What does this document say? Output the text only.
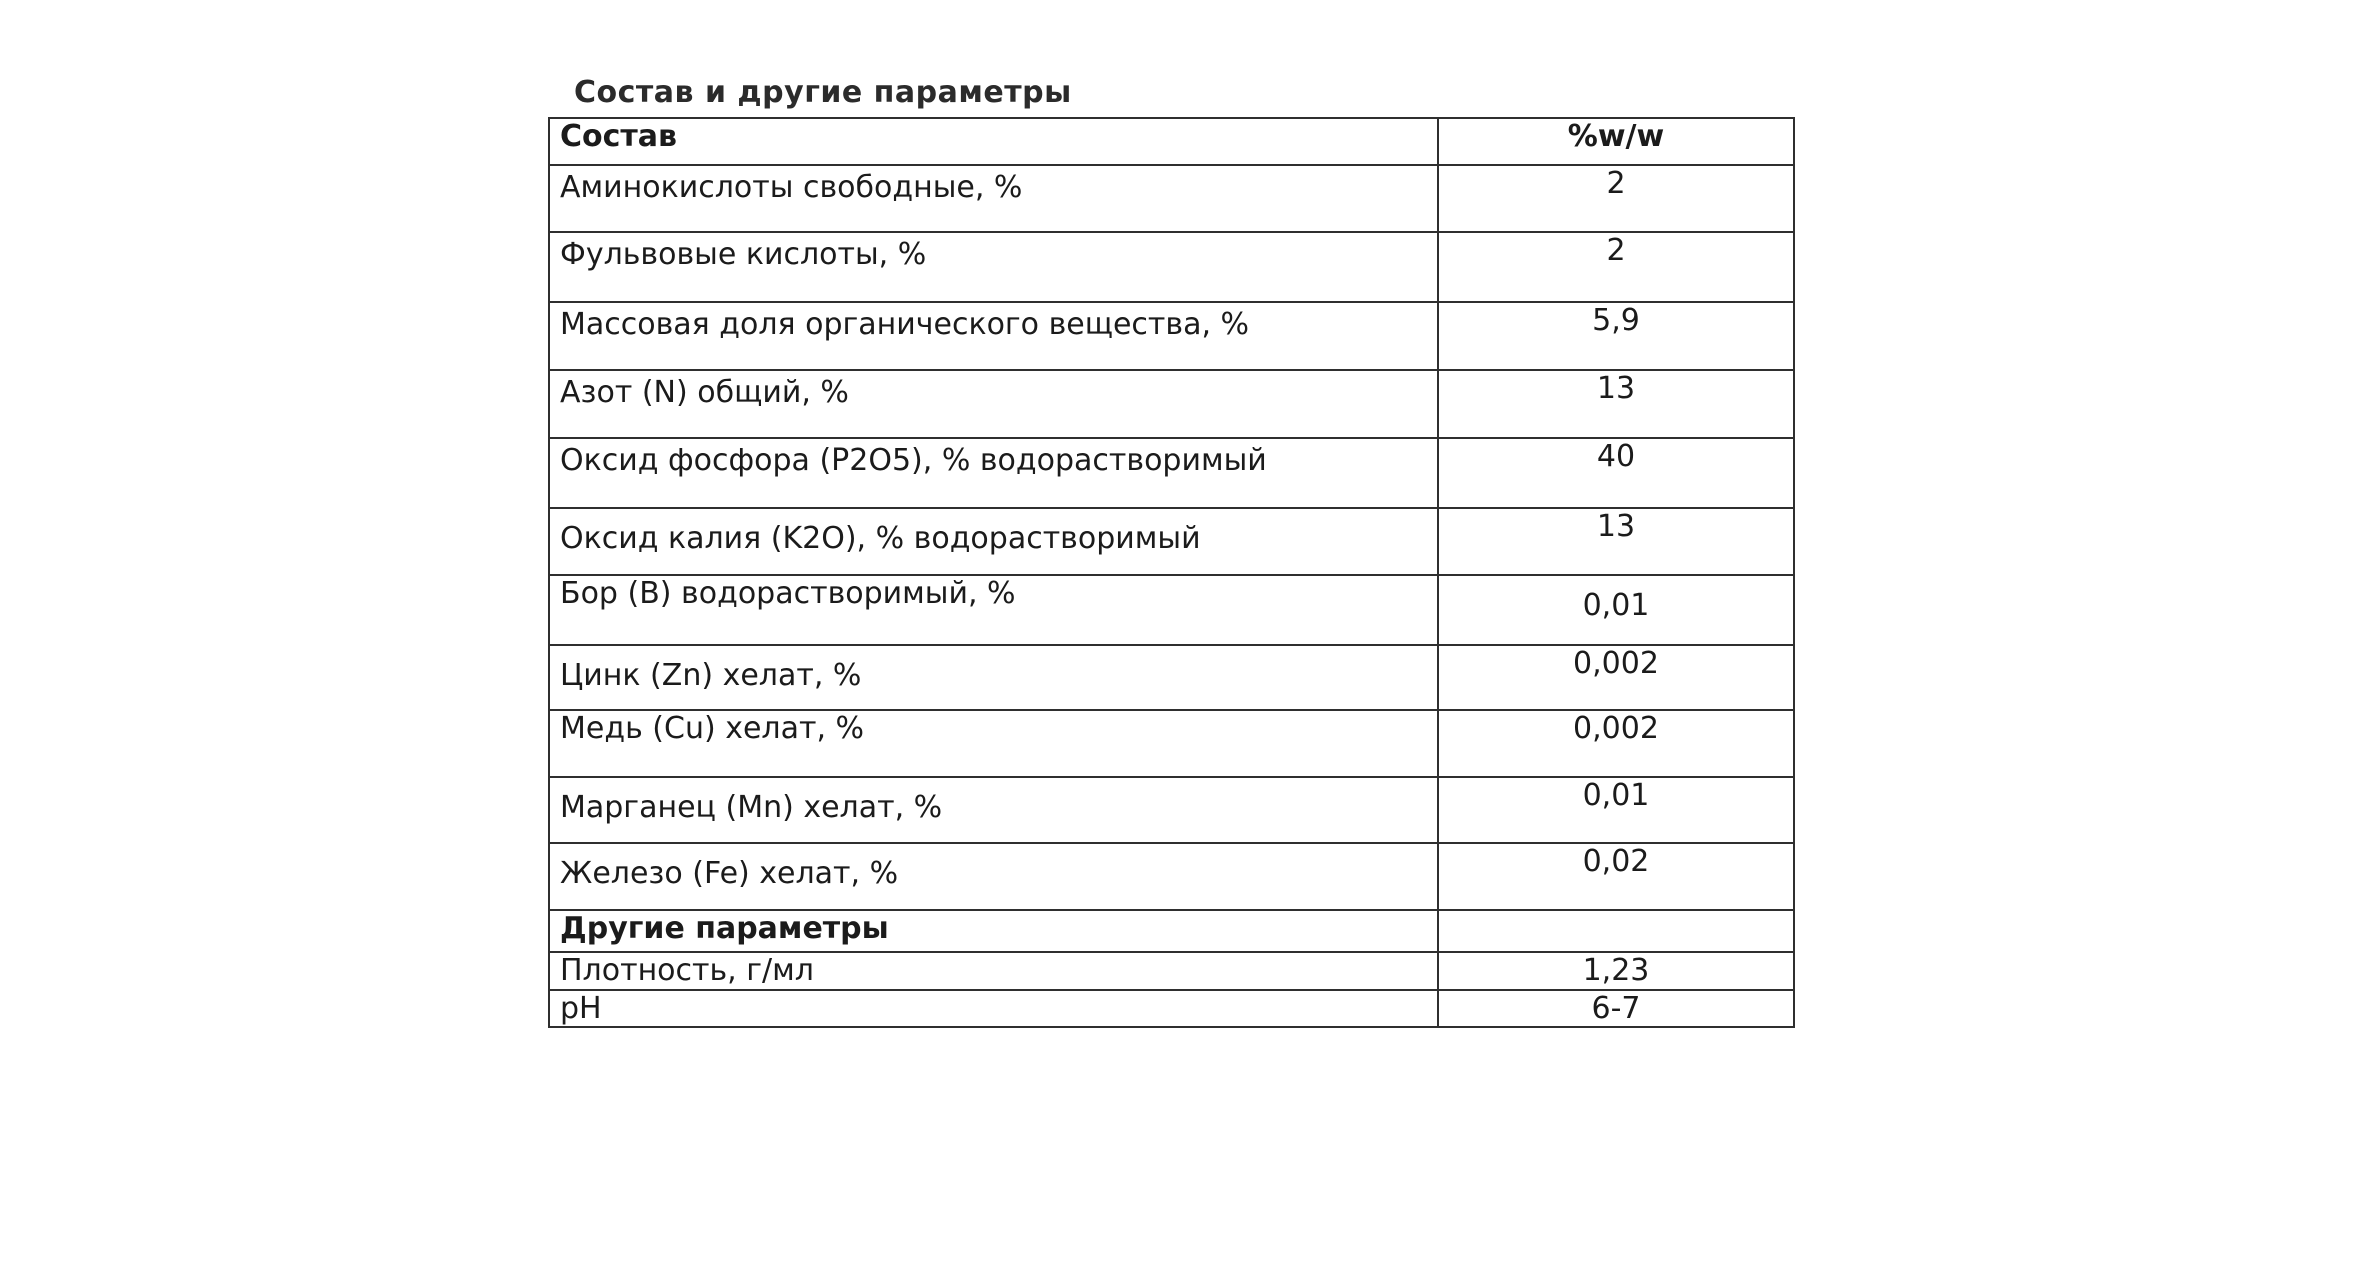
Состав и другие параметры
Состав	%w/w

Аминокислоты свободные, %	2

Фульвовые кислоты, %	2

Массовая доля органического вещества, %	5,9

Азот (N) общий, %	13

Оксид фосфора (P2O5), % водорастворимый	40

Оксид калия (K2O), % водорастворимый	13

Бор (B) водорастворимый, %	0,01

Цинк (Zn) хелат, %	0,002

Медь (Cu) хелат, %	0,002

Марганец (Mn) хелат, %	0,01

Железо (Fe) хелат, %	0,02

Другие параметры	

Плотность, г/мл	1,23

pH	6-7
